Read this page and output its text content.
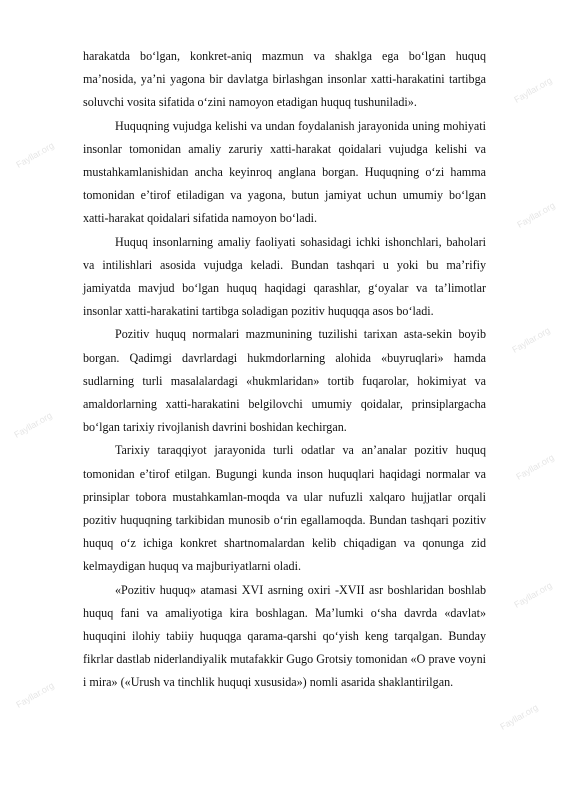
Fayllar.org
Fayllar.org
Fayllar.org
Fayllar.org
Fayllar.org
Fayllar.org
Fayllar.org
Fayllar.org
Fayllar.org

harakatda bo‘lgan, konkret-aniq mazmun va shaklga ega bo‘lgan huquq ma’nosida, ya’ni yagona bir davlatga birlashgan insonlar xatti-harakatini tartibga soluvchi vosita sifatida o‘zini namoyon etadigan huquq tushuniladi».

Huquqning vujudga kelishi va undan foydalanish jarayonida uning mohiyati insonlar tomonidan amaliy zaruriy xatti-harakat qoidalari vujudga kelishi va mustahkamlanishidan ancha keyinroq anglana borgan. Huquqning o‘zi hamma tomonidan e’tirof etiladigan va yagona, butun jamiyat uchun umumiy bo‘lgan xatti-harakat qoidalari sifatida namoyon bo‘ladi.

Huquq insonlarning amaliy faoliyati sohasidagi ichki ishonchlari, baholari va intilishlari asosida vujudga keladi. Bundan tashqari u yoki bu ma’rifiy jamiyatda mavjud bo‘lgan huquq haqidagi qarashlar, g‘oyalar va ta’limotlar insonlar xatti-harakatini tartibga soladigan pozitiv huquqqa asos bo‘ladi.

Pozitiv huquq normalari mazmunining tuzilishi tarixan asta-sekin boyib borgan. Qadimgi davrlardagi hukmdorlarning alohida «buyruqlari» hamda sudlarning turli masalalardagi «hukmlaridan» tortib fuqarolar, hokimiyat va amaldorlarning xatti-harakatini belgilovchi umumiy qoidalar, prinsiplargacha bo‘lgan tarixiy rivojlanish davrini boshidan kechirgan.

Tarixiy taraqqiyot jarayonida turli odatlar va an’analar pozitiv huquq tomonidan e’tirof etilgan. Bugungi kunda inson huquqlari haqidagi normalar va prinsiplar tobora mustahkamlan-moqda va ular nufuzli xalqaro hujjatlar orqali pozitiv huquqning tarkibidan munosib o‘rin egallamoqda. Bundan tashqari pozitiv huquq o‘z ichiga konkret shartnomalardan kelib chiqadigan va qonunga zid kelmaydigan huquq va majburiyatlarni oladi.

«Pozitiv huquq» atamasi XVI asrning oxiri -XVII asr boshlaridan boshlab huquq fani va amaliyotiga kira boshlagan. Ma’lumki o‘sha davrda «davlat» huquqini ilohiy tabiiy huquqga qarama-qarshi qo‘yish keng tarqalgan. Bunday fikrlar dastlab niderlandiyalik mutafakkir Gugo Grotsiy tomonidan «O prave voyni i mira» («Urush va tinchlik huquqi xususida») nomli asarida shaklantirilgan.
